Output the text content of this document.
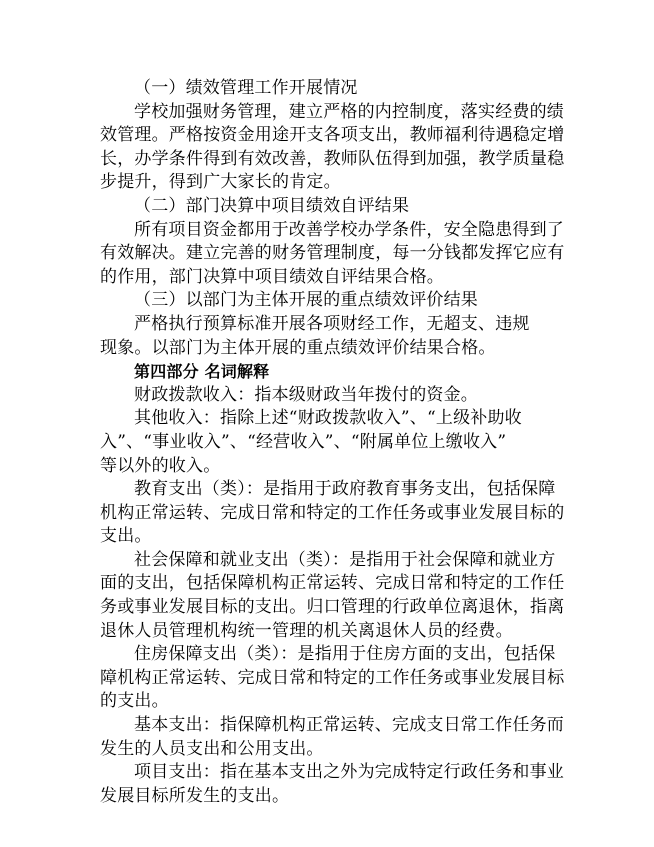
（一）绩效管理工作开展情况
学校加强财务管理，建立严格的内控制度，落实经费的绩
效管理。严格按资金用途开支各项支出，教师福利待遇稳定增
长，办学条件得到有效改善，教师队伍得到加强，教学质量稳
步提升，得到广大家长的肯定。
（二）部门决算中项目绩效自评结果
所有项目资金都用于改善学校办学条件，安全隐患得到了
有效解决。建立完善的财务管理制度，每一分钱都发挥它应有
的作用，部门决算中项目绩效自评结果合格。
（三）以部门为主体开展的重点绩效评价结果
严格执行预算标准开展各项财经工作，无超支、违规
现象。以部门为主体开展的重点绩效评价结果合格。
第四部分 名词解释
财政拨款收入：指本级财政当年拨付的资金。
其他收入：指除上述“财政拨款收入”、“上级补助收
入”、“事业收入”、“经营收入”、“附属单位上缴收入”
等以外的收入。
教育支出（类）：是指用于政府教育事务支出，包括保障
机构正常运转、完成日常和特定的工作任务或事业发展目标的
支出。
社会保障和就业支出（类）：是指用于社会保障和就业方
面的支出，包括保障机构正常运转、完成日常和特定的工作任
务或事业发展目标的支出。归口管理的行政单位离退休，指离
退休人员管理机构统一管理的机关离退休人员的经费。
住房保障支出（类）：是指用于住房方面的支出，包括保
障机构正常运转、完成日常和特定的工作任务或事业发展目标
的支出。
基本支出：指保障机构正常运转、完成支日常工作任务而
发生的人员支出和公用支出。
项目支出：指在基本支出之外为完成特定行政任务和事业
发展目标所发生的支出。
